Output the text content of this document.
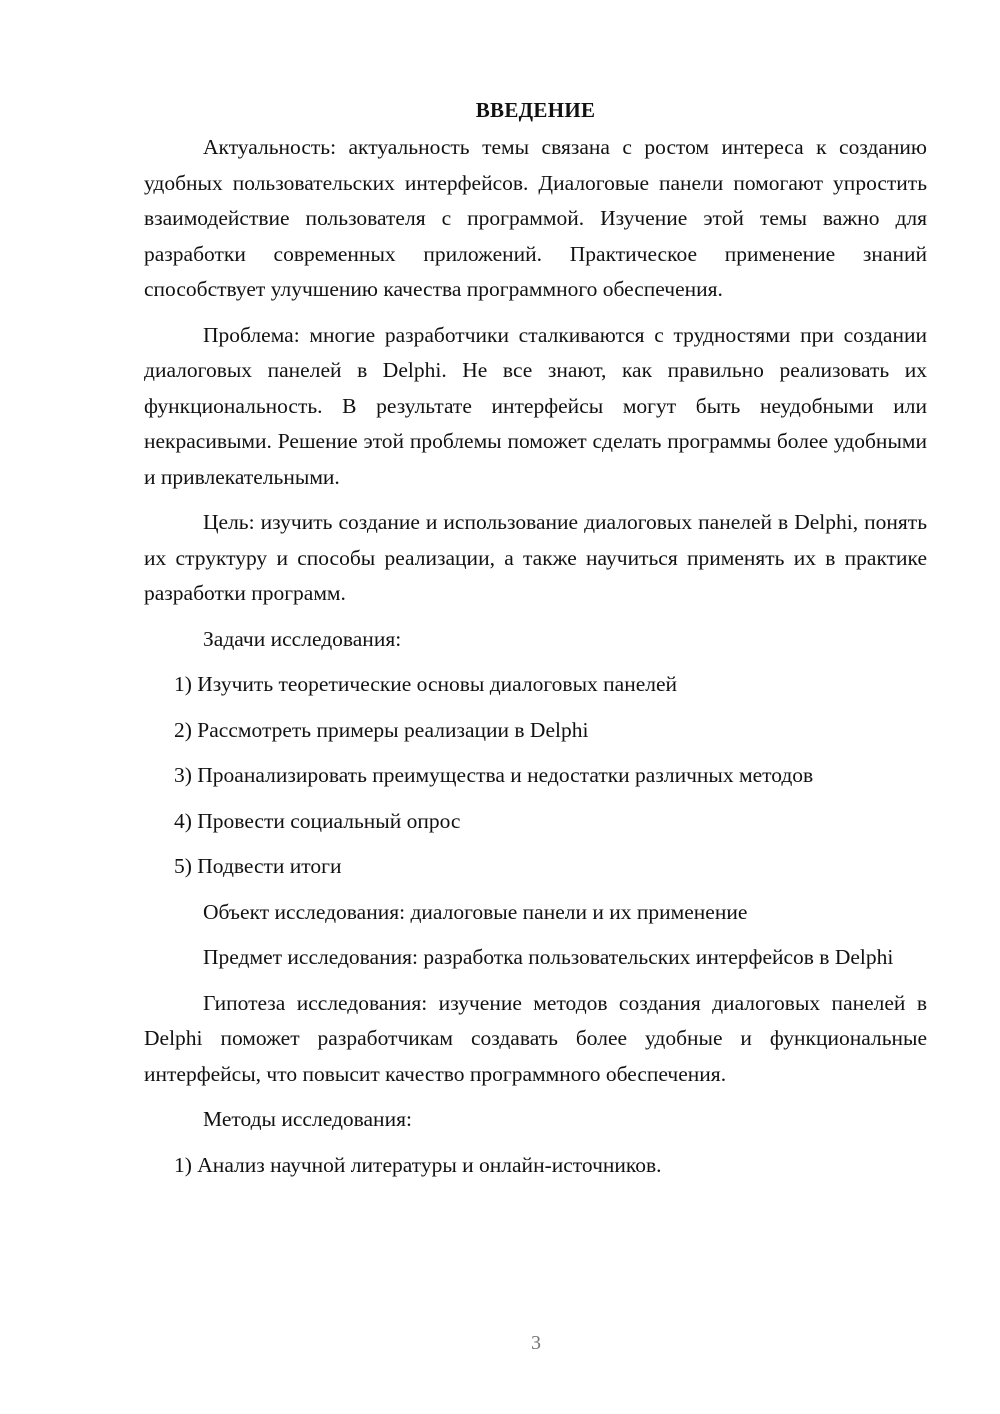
ВВЕДЕНИЕ

Актуальность: актуальность темы связана с ростом интереса к созданию удобных пользовательских интерфейсов. Диалоговые панели помогают упростить взаимодействие пользователя с программой. Изучение этой темы важно для разработки современных приложений. Практическое применение знаний способствует улучшению качества программного обеспечения.

Проблема: многие разработчики сталкиваются с трудностями при создании диалоговых панелей в Delphi. Не все знают, как правильно реализовать их функциональность. В результате интерфейсы могут быть неудобными или некрасивыми. Решение этой проблемы поможет сделать программы более удобными и привлекательными.

Цель: изучить создание и использование диалоговых панелей в Delphi, понять их структуру и способы реализации, а также научиться применять их в практике разработки программ.

Задачи исследования:

1) Изучить теоретические основы диалоговых панелей
2) Рассмотреть примеры реализации в Delphi
3) Проанализировать преимущества и недостатки различных методов
4) Провести социальный опрос
5) Подвести итоги

Объект исследования: диалоговые панели и их применение

Предмет исследования: разработка пользовательских интерфейсов в Delphi

Гипотеза исследования: изучение методов создания диалоговых панелей в Delphi поможет разработчикам создавать более удобные и функциональные интерфейсы, что повысит качество программного обеспечения.

Методы исследования:

1) Анализ научной литературы и онлайн-источников.
3
